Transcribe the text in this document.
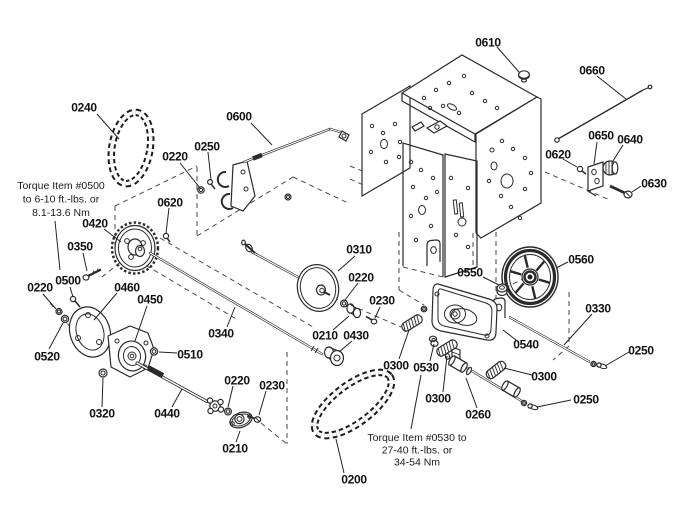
0610
0660
0240
0600
0250
0220
0650 0640
0620
0630
0620
0420
0350	0310
0560
0550
0220
0500
0220	0460
0450	0230
0330
0340	0210 0430
0540	0250
0520	0510
0300 0530
0300
0220 0230
0300	0250
0320	0440	0260
0210
0200
Torque Item #0500
to 6-10 ft.-lbs. or
8.1-13.6 Nm
Torque Item #0530 to
27-40 ft.-lbs. or
34-54 Nm
